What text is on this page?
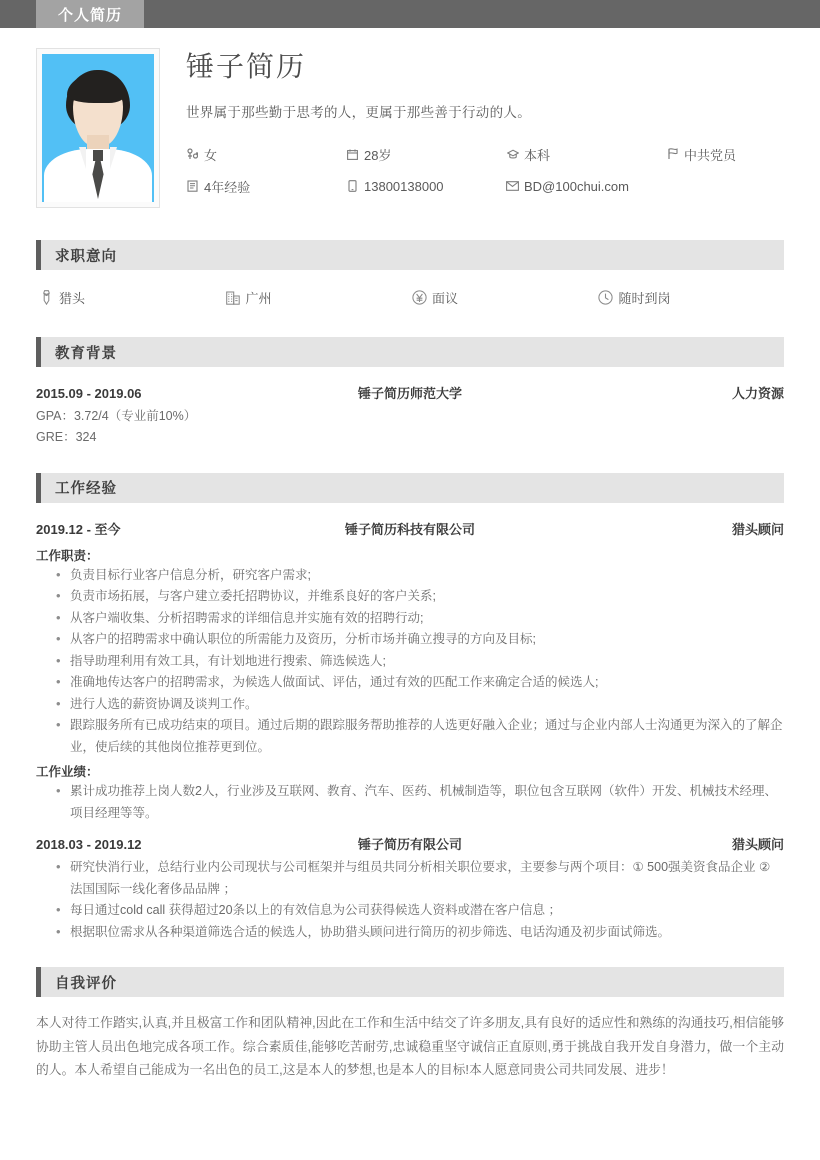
个人简历
锤子简历
世界属于那些勤于思考的人，更属于那些善于行动的人。
女	28岁	本科	中共党员
4年经验	13800138000	BD@100chui.com
求职意向
猎头	广州	面议	随时到岗
教育背景
2015.09 - 2019.06	锤子简历师范大学	人力资源
GPA：3.72/4（专业前10%）
GRE：324
工作经验
2019.12 - 至今	锤子简历科技有限公司	猎头顾问
工作职责：
• 负责目标行业客户信息分析，研究客户需求;
• 负责市场拓展，与客户建立委托招聘协议，并维系良好的客户关系;
• 从客户端收集、分析招聘需求的详细信息并实施有效的招聘行动;
• 从客户的招聘需求中确认职位的所需能力及资历，分析市场并确立搜寻的方向及目标;
• 指导助理利用有效工具，有计划地进行搜索、筛选候选人;
• 准确地传达客户的招聘需求，为候选人做面试、评估，通过有效的匹配工作来确定合适的候选人;
• 进行人选的薪资协调及谈判工作。
• 跟踪服务所有已成功结束的项目。通过后期的跟踪服务帮助推荐的人选更好融入企业；通过与企业内部人士沟通更为深入的了解企业，使后续的其他岗位推荐更到位。
工作业绩：
• 累计成功推荐上岗人数2人，行业涉及互联网、教育、汽车、医药、机械制造等，职位包含互联网（软件）开发、机械技术经理、项目经理等等。
2018.03 - 2019.12	锤子简历有限公司	猎头顾问
• 研究快消行业，总结行业内公司现状与公司框架并与组员共同分析相关职位要求，主要参与两个项目：① 500强美资食品企业 ② 法国国际一线化奢侈品品牌 ；
• 每日通过cold call 获得超过20条以上的有效信息为公司获得候选人资料或潜在客户信息 ；
• 根据职位需求从各种渠道筛选合适的候选人，协助猎头顾问进行简历的初步筛选、电话沟通及初步面试筛选。
自我评价
本人对待工作踏实,认真,并且极富工作和团队精神,因此在工作和生活中结交了许多朋友,具有良好的适应性和熟练的沟通技巧,相信能够协助主管人员出色地完成各项工作。综合素质佳,能够吃苦耐劳,忠诚稳重坚守诚信正直原则,勇于挑战自我开发自身潜力，做一个主动的人。本人希望自己能成为一名出色的员工,这是本人的梦想,也是本人的目标!本人愿意同贵公司共同发展、进步！
